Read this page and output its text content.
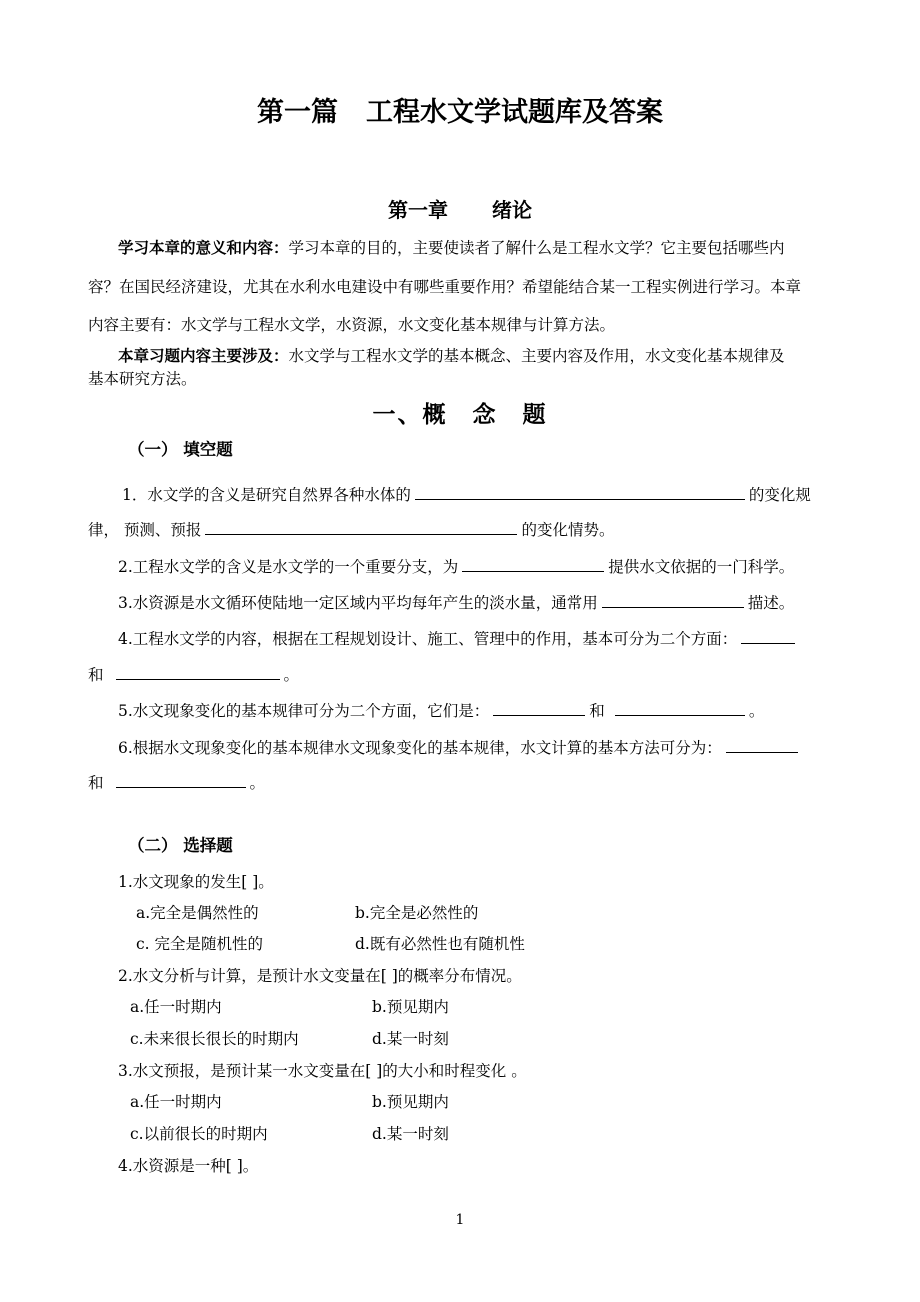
第一篇 工程水文学试题库及答案
第一章 绪论
学习本章的意义和内容：学习本章的目的，主要使读者了解什么是工程水文学？它主要包括哪些内
容？在国民经济建设，尤其在水利水电建设中有哪些重要作用？希望能结合某一工程实例进行学习。本章
内容主要有：水文学与工程水文学，水资源，水文变化基本规律与计算方法。
本章习题内容主要涉及：水文学与工程水文学的基本概念、主要内容及作用，水文变化基本规律及
基本研究方法。
一、概　念　题
（一） 填空题
1．水文学的含义是研究自然界各种水体的	的变化规
律， 预测、预报	的变化情势。
2.工程水文学的含义是水文学的一个重要分支，为	提供水文依据的一门科学。
3.水资源是水文循环使陆地一定区域内平均每年产生的淡水量，通常用	描述。
4.工程水文学的内容，根据在工程规划设计、施工、管理中的作用，基本可分为二个方面：
和	。
5.水文现象变化的基本规律可分为二个方面，它们是：	和	。
6.根据水文现象变化的基本规律水文现象变化的基本规律，水文计算的基本方法可分为：
和	。
（二） 选择题
1.水文现象的发生[ ]。
a.完全是偶然性的	b.完全是必然性的
c. 完全是随机性的	d.既有必然性也有随机性
2.水文分析与计算，是预计水文变量在[ ]的概率分布情况。
a.任一时期内	b.预见期内
c.未来很长很长的时期内	d.某一时刻
3.水文预报，是预计某一水文变量在[ ]的大小和时程变化 。
a.任一时期内	b.预见期内
c.以前很长的时期内	d.某一时刻
4.水资源是一种[ ]。
1
